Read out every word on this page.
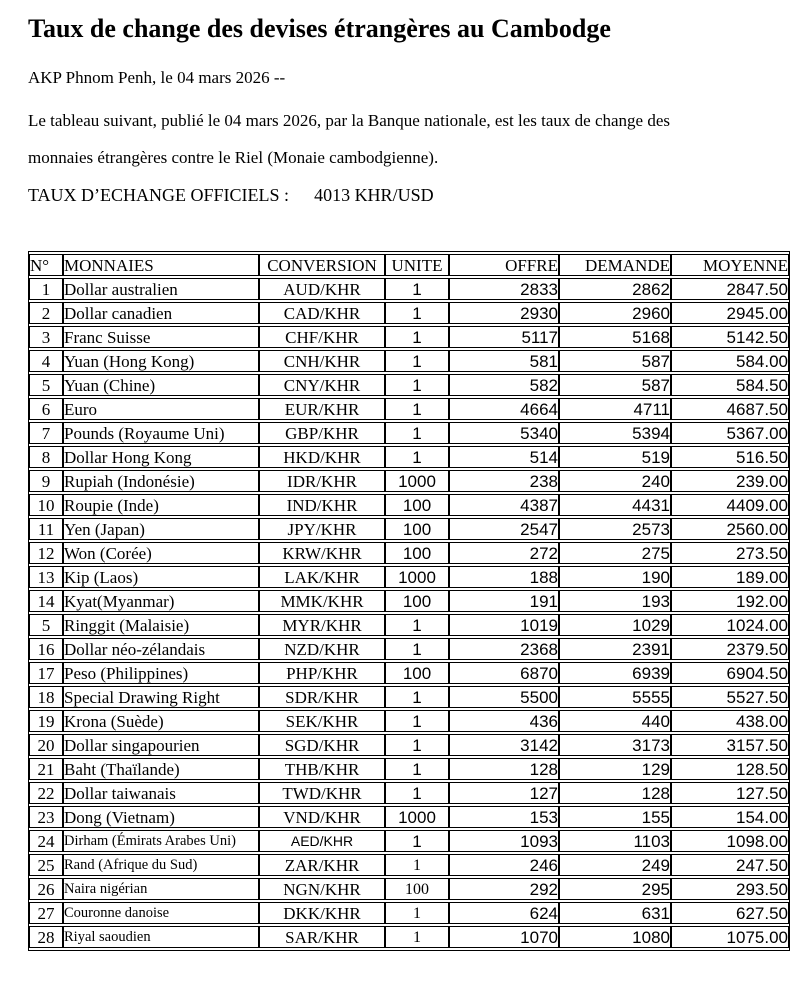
Taux de change des devises étrangères au Cambodge
AKP Phnom Penh, le 04 mars 2026 --
Le tableau suivant, publié le 04 mars 2026, par la Banque nationale, est les taux de change des
monnaies étrangères contre le Riel (Monaie cambodgienne).
TAUX D’ECHANGE OFFICIELS : 4013 KHR/USD
N°	MONNAIES	CONVERSION	UNITE	OFFRE	DEMANDE	MOYENNE
1	Dollar australien	AUD/KHR	1	2833	2862	2847.50
2	Dollar canadien	CAD/KHR	1	2930	2960	2945.00
3	Franc Suisse	CHF/KHR	1	5117	5168	5142.50
4	Yuan (Hong Kong)	CNH/KHR	1	581	587	584.00
5	Yuan (Chine)	CNY/KHR	1	582	587	584.50
6	Euro	EUR/KHR	1	4664	4711	4687.50
7	Pounds (Royaume Uni)	GBP/KHR	1	5340	5394	5367.00
8	Dollar Hong Kong	HKD/KHR	1	514	519	516.50
9	Rupiah (Indonésie)	IDR/KHR	1000	238	240	239.00
10	Roupie (Inde)	IND/KHR	100	4387	4431	4409.00
11	Yen (Japan)	JPY/KHR	100	2547	2573	2560.00
12	Won (Corée)	KRW/KHR	100	272	275	273.50
13	Kip (Laos)	LAK/KHR	1000	188	190	189.00
14	Kyat(Myanmar)	MMK/KHR	100	191	193	192.00
5	Ringgit (Malaisie)	MYR/KHR	1	1019	1029	1024.00
16	Dollar néo-zélandais	NZD/KHR	1	2368	2391	2379.50
17	Peso (Philippines)	PHP/KHR	100	6870	6939	6904.50
18	Special Drawing Right	SDR/KHR	1	5500	5555	5527.50
19	Krona (Suède)	SEK/KHR	1	436	440	438.00
20	Dollar singapourien	SGD/KHR	1	3142	3173	3157.50
21	Baht (Thaïlande)	THB/KHR	1	128	129	128.50
22	Dollar taiwanais	TWD/KHR	1	127	128	127.50
23	Dong (Vietnam)	VND/KHR	1000	153	155	154.00
24	Dirham (Émirats Arabes Uni)	AED/KHR	1	1093	1103	1098.00
25	Rand (Afrique du Sud)	ZAR/KHR	1	246	249	247.50
26	Naira nigérian	NGN/KHR	100	292	295	293.50
27	Couronne danoise	DKK/KHR	1	624	631	627.50
28	Riyal saoudien	SAR/KHR	1	1070	1080	1075.00
